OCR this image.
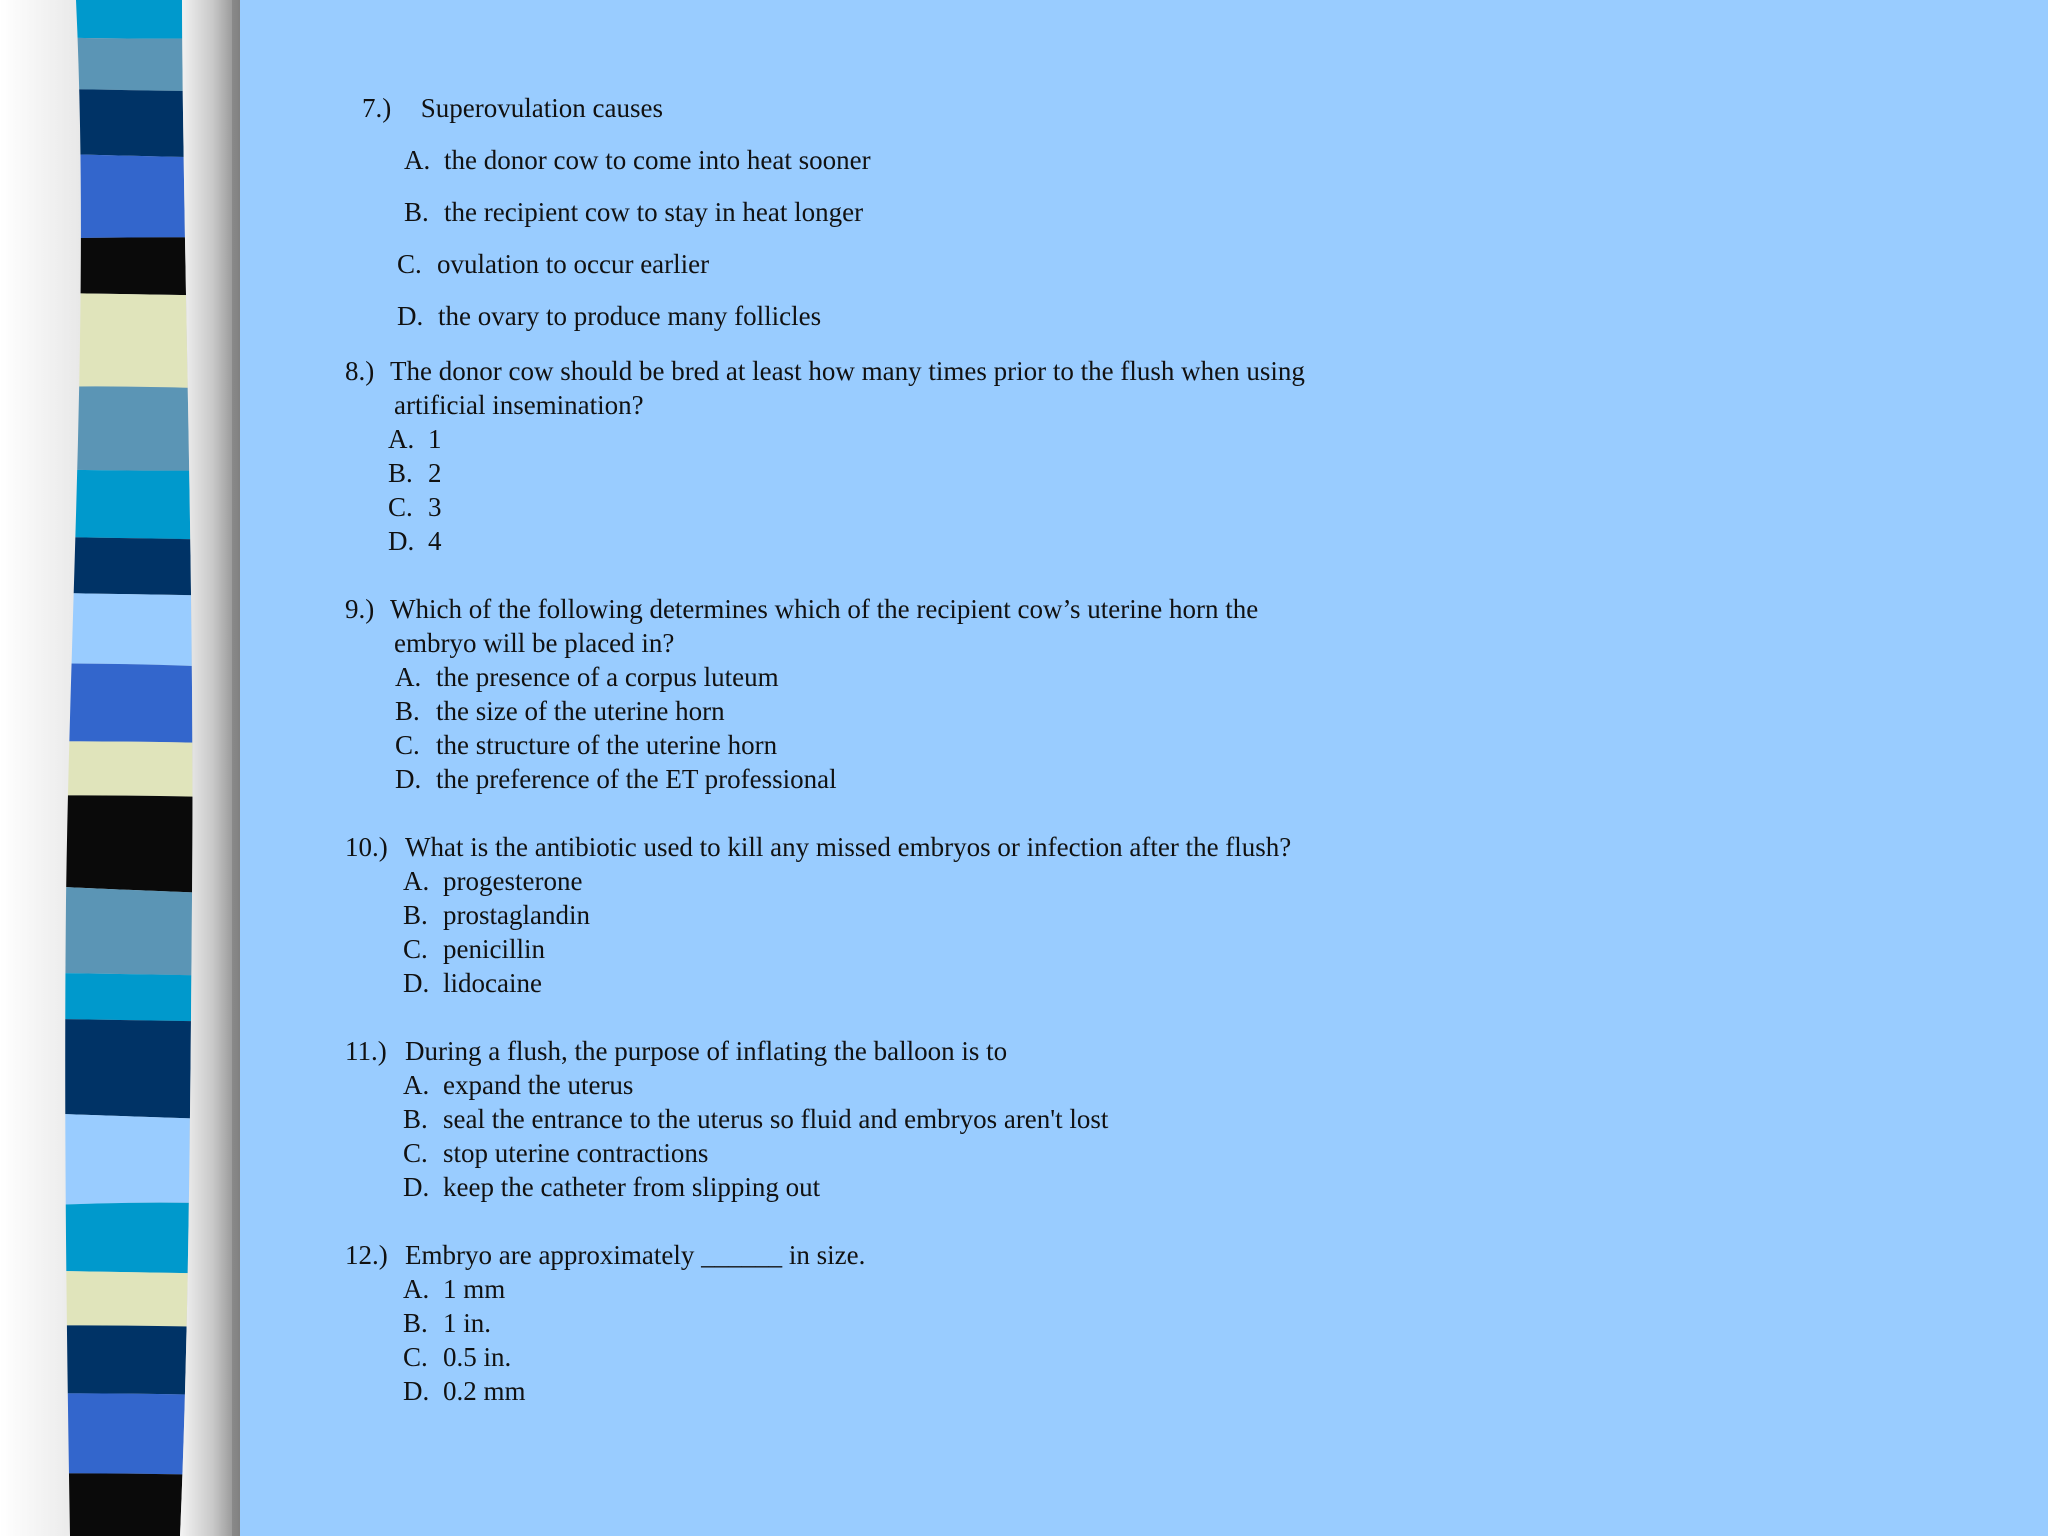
7.) Superovulation causes
A. the donor cow to come into heat sooner
B. the recipient cow to stay in heat longer
C. ovulation to occur earlier
D. the ovary to produce many follicles
8.) The donor cow should be bred at least how many times prior to the flush when using
artificial insemination?
A. 1
B. 2
C. 3
D. 4
9.) Which of the following determines which of the recipient cow’s uterine horn the
embryo will be placed in?
A. the presence of a corpus luteum
B. the size of the uterine horn
C. the structure of the uterine horn
D. the preference of the ET professional
10.) What is the antibiotic used to kill any missed embryos or infection after the flush?
A. progesterone
B. prostaglandin
C. penicillin
D. lidocaine
11.) During a flush, the purpose of inflating the balloon is to
A. expand the uterus
B. seal the entrance to the uterus so fluid and embryos aren't lost
C. stop uterine contractions
D. keep the catheter from slipping out
12.) Embryo are approximately ______ in size.
A. 1 mm
B. 1 in.
C. 0.5 in.
D. 0.2 mm
